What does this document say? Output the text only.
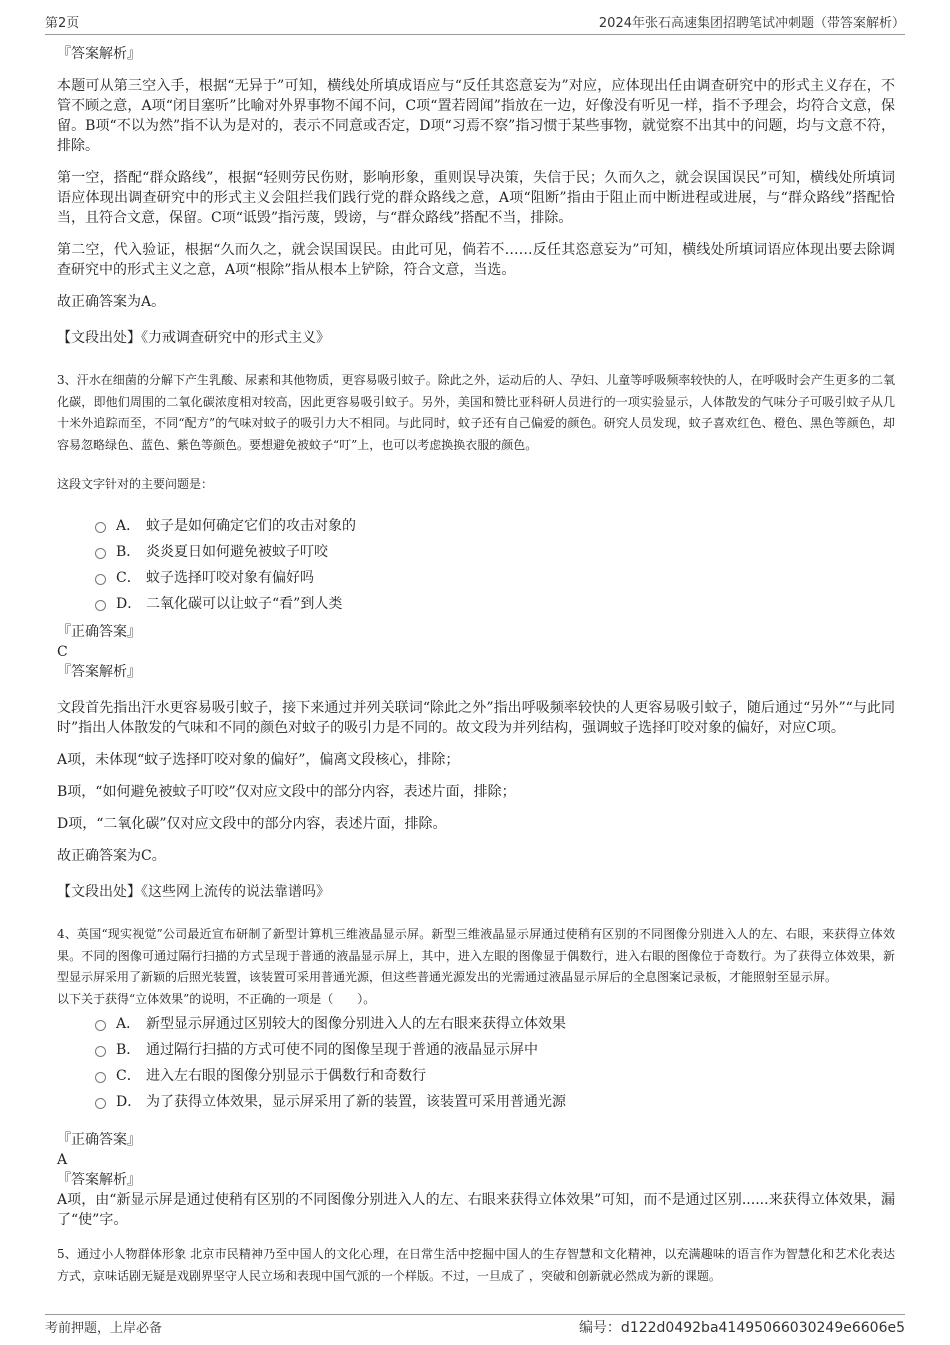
第2页	2024年张石高速集团招聘笔试冲刺题（带答案解析）
『答案解析』
本题可从第三空入手，根据“无异于”可知，横线处所填成语应与“反任其恣意妄为”对应，应体现出任由调查研究中的形式主义存在，不管不顾之意，A项“闭目塞听”比喻对外界事物不闻不问，C项“置若罔闻”指放在一边，好像没有听见一样，指不予理会，均符合文意，保留。B项“不以为然”指不认为是对的，表示不同意或否定，D项“习焉不察”指习惯于某些事物，就觉察不出其中的问题，均与文意不符，排除。
第一空，搭配“群众路线”，根据“轻则劳民伤财，影响形象，重则误导决策，失信于民；久而久之，就会误国误民”可知，横线处所填词语应体现出调查研究中的形式主义会阻拦我们践行党的群众路线之意，A项“阻断”指由于阻止而中断进程或进展，与“群众路线”搭配恰当，且符合文意，保留。C项“诋毁”指污蔑，毁谤，与“群众路线”搭配不当，排除。
第二空，代入验证，根据“久而久之，就会误国误民。由此可见，倘若不……反任其恣意妄为”可知，横线处所填词语应体现出要去除调查研究中的形式主义之意，A项“根除”指从根本上铲除，符合文意，当选。
故正确答案为A。
【文段出处】《力戒调查研究中的形式主义》
3、汗水在细菌的分解下产生乳酸、尿素和其他物质，更容易吸引蚊子。除此之外，运动后的人、孕妇、儿童等呼吸频率较快的人，在呼吸时会产生更多的二氧化碳，即他们周围的二氧化碳浓度相对较高，因此更容易吸引蚊子。另外，美国和赞比亚科研人员进行的一项实验显示，人体散发的气味分子可吸引蚊子从几十米外追踪而至，不同“配方”的气味对蚊子的吸引力大不相同。与此同时，蚊子还有自己偏爱的颜色。研究人员发现，蚊子喜欢红色、橙色、黑色等颜色，却容易忽略绿色、蓝色、紫色等颜色。要想避免被蚊子“叮”上，也可以考虑换换衣服的颜色。
这段文字针对的主要问题是：
A． 蚊子是如何确定它们的攻击对象的
B． 炎炎夏日如何避免被蚊子叮咬
C． 蚊子选择叮咬对象有偏好吗
D． 二氧化碳可以让蚊子“看”到人类
『正确答案』
C
『答案解析』
文段首先指出汗水更容易吸引蚊子，接下来通过并列关联词“除此之外”指出呼吸频率较快的人更容易吸引蚊子，随后通过“另外”“与此同时”指出人体散发的气味和不同的颜色对蚊子的吸引力是不同的。故文段为并列结构，强调蚊子选择叮咬对象的偏好，对应C项。
A项，未体现“蚊子选择叮咬对象的偏好”，偏离文段核心，排除；
B项，“如何避免被蚊子叮咬”仅对应文段中的部分内容，表述片面，排除；
D项，“二氧化碳”仅对应文段中的部分内容，表述片面，排除。
故正确答案为C。
【文段出处】《这些网上流传的说法靠谱吗》
4、英国“现实视觉”公司最近宣布研制了新型计算机三维液晶显示屏。新型三维液晶显示屏通过使稍有区别的不同图像分别进入人的左、右眼，来获得立体效果。不同的图像可通过隔行扫描的方式呈现于普通的液晶显示屏上，其中，进入左眼的图像显于偶数行，进入右眼的图像位于奇数行。为了获得立体效果，新型显示屏采用了新颖的后照光装置，该装置可采用普通光源，但这些普通光源发出的光需通过液晶显示屏后的全息图案记录板，才能照射至显示屏。
以下关于获得“立体效果”的说明，不正确的一项是（　　）。
A． 新型显示屏通过区别较大的图像分别进入人的左右眼来获得立体效果
B． 通过隔行扫描的方式可使不同的图像呈现于普通的液晶显示屏中
C． 进入左右眼的图像分别显示于偶数行和奇数行
D． 为了获得立体效果，显示屏采用了新的装置，该装置可采用普通光源
『正确答案』
A
『答案解析』
A项，由“新显示屏是通过使稍有区别的不同图像分别进入人的左、右眼来获得立体效果”可知，而不是通过区别......来获得立体效果，漏了“使”字。
5、通过小人物群体形象 北京市民精神乃至中国人的文化心理，在日常生活中挖掘中国人的生存智慧和文化精神，以充满趣味的语言作为智慧化和艺术化表达方式，京味话剧无疑是戏剧界坚守人民立场和表现中国气派的一个样版。不过，一旦成了 ，突破和创新就必然成为新的课题。
考前押题，上岸必备	编号：d122d0492ba41495066030249e6606e5
